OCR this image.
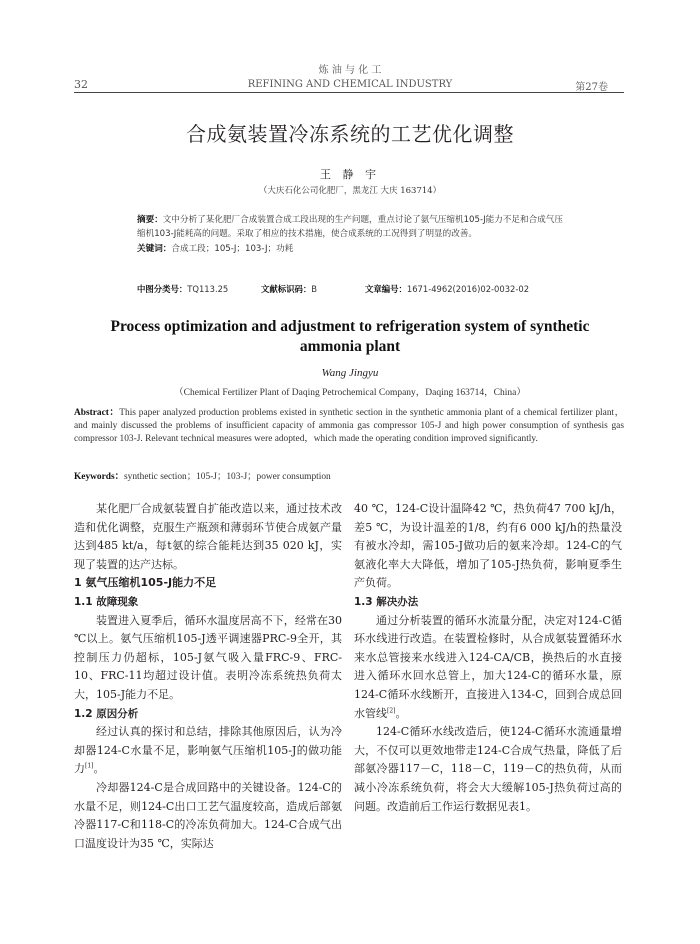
炼 油 与 化 工
REFINING AND CHEMICAL INDUSTRY
32	第27卷
合成氨装置冷冻系统的工艺优化调整
王 静 宇
（大庆石化公司化肥厂，黑龙江 大庆 163714）
摘要：文中分析了某化肥厂合成装置合成工段出现的生产问题，重点讨论了氨气压缩机105-J能力不足和合成气压缩机103-J能耗高的问题。采取了相应的技术措施，使合成系统的工况得到了明显的改善。
关键词：合成工段；105-J；103-J；功耗
中图分类号：TQ113.25	文献标识码：B	文章编号：1671-4962(2016)02-0032-02
Process optimization and adjustment to refrigeration system of synthetic ammonia plant
Wang Jingyu
（Chemical Fertilizer Plant of Daqing Petrochemical Company，Daqing 163714，China）
Abstract：This paper analyzed production problems existed in synthetic section in the synthetic ammonia plant of a chemical fertilizer plant，and mainly discussed the problems of insufficient capacity of ammonia gas compressor 105-J and high power consumption of synthesis gas compressor 103-J. Relevant technical measures were adopted，which made the operating condition improved significantly.
Keywords：synthetic section；105-J；103-J；power consumption

某化肥厂合成氨装置自扩能改造以来，通过技术改造和优化调整，克服生产瓶颈和薄弱环节使合成氨产量达到485 kt/a，每t氨的综合能耗达到35 020 kJ，实现了装置的达产达标。

1 氨气压缩机105-J能力不足
1.1 故障现象

装置进入夏季后，循环水温度居高不下，经常在30 ℃以上。氨气压缩机105-J透平调速器PRC-9全开，其控制压力仍超标，105-J氨气吸入量FRC-9、FRC-10、FRC-11均超过设计值。表明冷冻系统热负荷太大，105-J能力不足。

1.2 原因分析

经过认真的探讨和总结，排除其他原因后，认为冷却器124-C水量不足，影响氨气压缩机105-J的做功能力[1]。

冷却器124-C是合成回路中的关键设备。124-C的水量不足，则124-C出口工艺气温度较高，造成后部氨冷器117-C和118-C的冷冻负荷加大。124-C合成气出口温度设计为35 ℃，实际达

40 ℃，124-C设计温降42 ℃，热负荷47 700 kJ/h，差5 ℃，为设计温差的1/8，约有6 000 kJ/h的热量没有被水冷却，需105-J做功后的氨来冷却。124-C的气氨液化率大大降低，增加了105-J热负荷，影响夏季生产负荷。

1.3 解决办法

通过分析装置的循环水流量分配，决定对124-C循环水线进行改造。在装置检修时，从合成氨装置循环水来水总管接来水线进入124-CA/CB，换热后的水直接进入循环水回水总管上，加大124-C的循环水量，原124-C循环水线断开，直接进入134-C，回到合成总回水管线[2]。

124-C循环水线改造后，使124-C循环水流通量增大，不仅可以更效地带走124-C合成气热量，降低了后部氨冷器117－C，118－C，119－C的热负荷，从而减小冷冻系统负荷，将会大大缓解105-J热负荷过高的问题。改造前后工作运行数据见表1。
